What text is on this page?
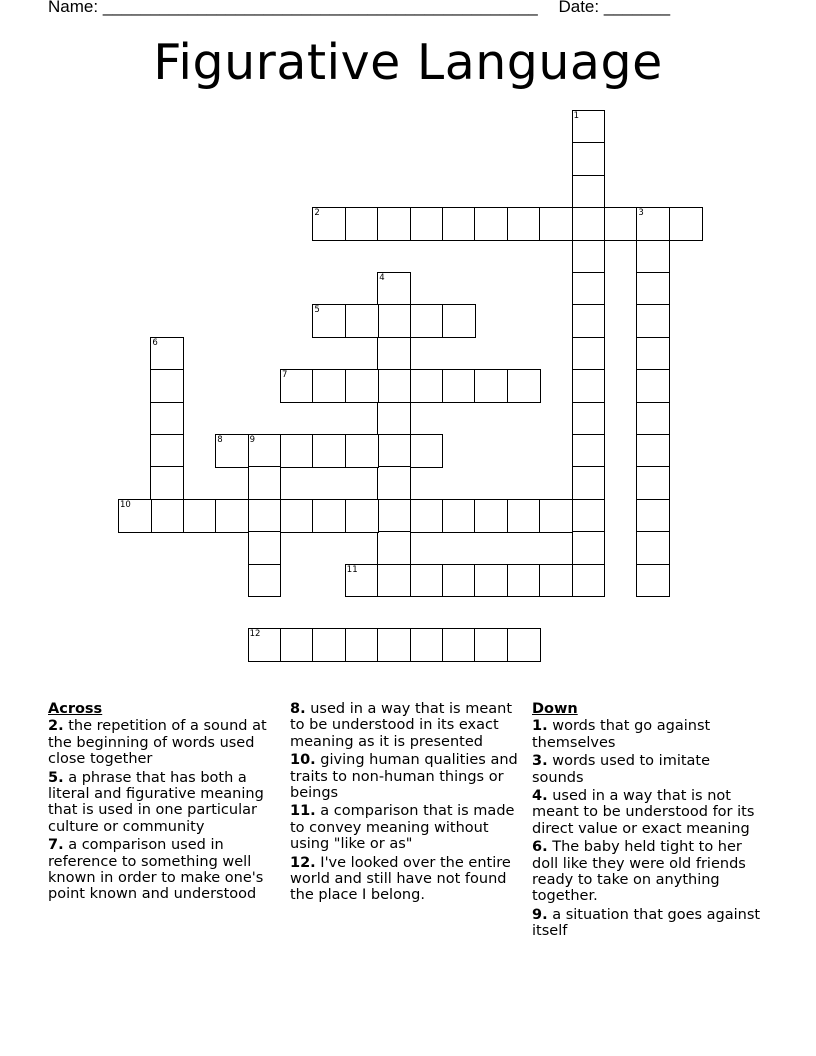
Name: ______________________________________________ Date: _______
Figurative Language
1
2	3
4
5
6
7
8	9
10
11
12
Across
2. the repetition of a sound at the beginning of words used close together
5. a phrase that has both a literal and figurative meaning that is used in one particular culture or community
7. a comparison used in reference to something well known in order to make one's point known and understood
8. used in a way that is meant to be understood in its exact meaning as it is presented
10. giving human qualities and traits to non-human things or beings
11. a comparison that is made to convey meaning without using "like or as"
12. I've looked over the entire world and still have not found the place I belong.
Down
1. words that go against themselves
3. words used to imitate sounds
4. used in a way that is not meant to be understood for its direct value or exact meaning
6. The baby held tight to her doll like they were old friends ready to take on anything together.
9. a situation that goes against itself
